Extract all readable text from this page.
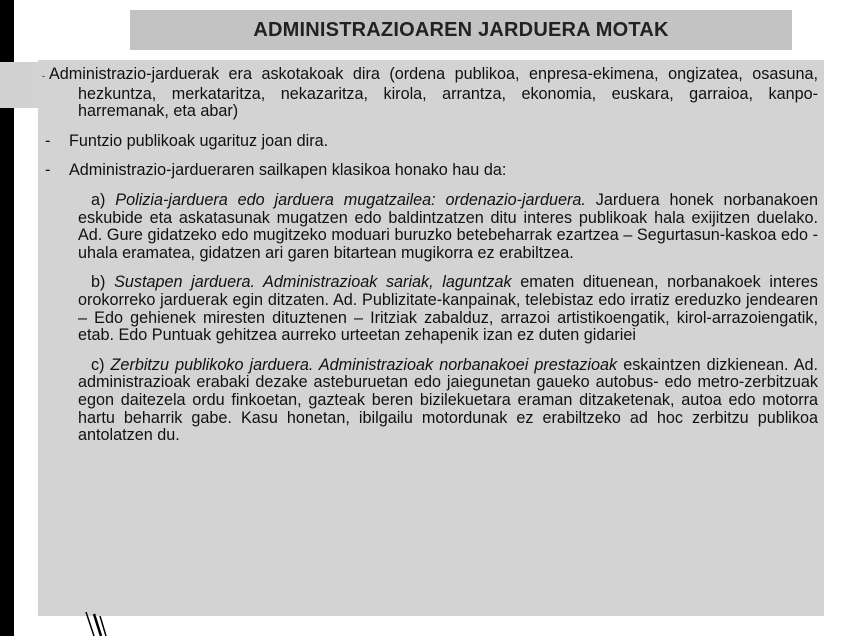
ADMINISTRAZIOAREN JARDUERA MOTAK

- Administrazio-jarduerak era askotakoak dira (ordena publikoa, enpresa-ekimena, ongizatea, osasuna, hezkuntza, merkataritza, nekazaritza, kirola, arrantza, ekonomia, euskara, garraioa, kanpo-harremanak, eta abar)

- Funtzio publikoak ugarituz joan dira.

- Administrazio-jardueraren sailkapen klasikoa honako hau da:

a) Polizia-jarduera edo jarduera mugatzailea: ordenazio-jarduera. Jarduera honek norbanakoen eskubide eta askatasunak mugatzen edo baldintzatzen ditu interes publikoak hala exijitzen duelako. Ad. Gure gidatzeko edo mugitzeko moduari buruzko betebeharrak ezartzea – Segurtasun-kaskoa edo -uhala eramatea, gidatzen ari garen bitartean mugikorra ez erabiltzea.

b) Sustapen jarduera. Administrazioak sariak, laguntzak ematen dituenean, norbanakoek interes orokorreko jarduerak egin ditzaten. Ad. Publizitate-kanpainak, telebistaz edo irratiz ereduzko jendearen – Edo gehienek miresten dituztenen – Iritziak zabalduz, arrazoi artistikoengatik, kirol-arrazoiengatik, etab. Edo Puntuak gehitzea aurreko urteetan zehapenik izan ez duten gidariei

c) Zerbitzu publikoko jarduera. Administrazioak norbanakoei prestazioak eskaintzen dizkienean. Ad. administrazioak erabaki dezake asteburuetan edo jaiegunetan gaueko autobus- edo metro-zerbitzuak egon daitezela ordu finkoetan, gazteak beren bizilekuetara eraman ditzaketenak, autoa edo motorra hartu beharrik gabe. Kasu honetan, ibilgailu motordunak ez erabiltzeko ad hoc zerbitzu publikoa antolatzen du.
